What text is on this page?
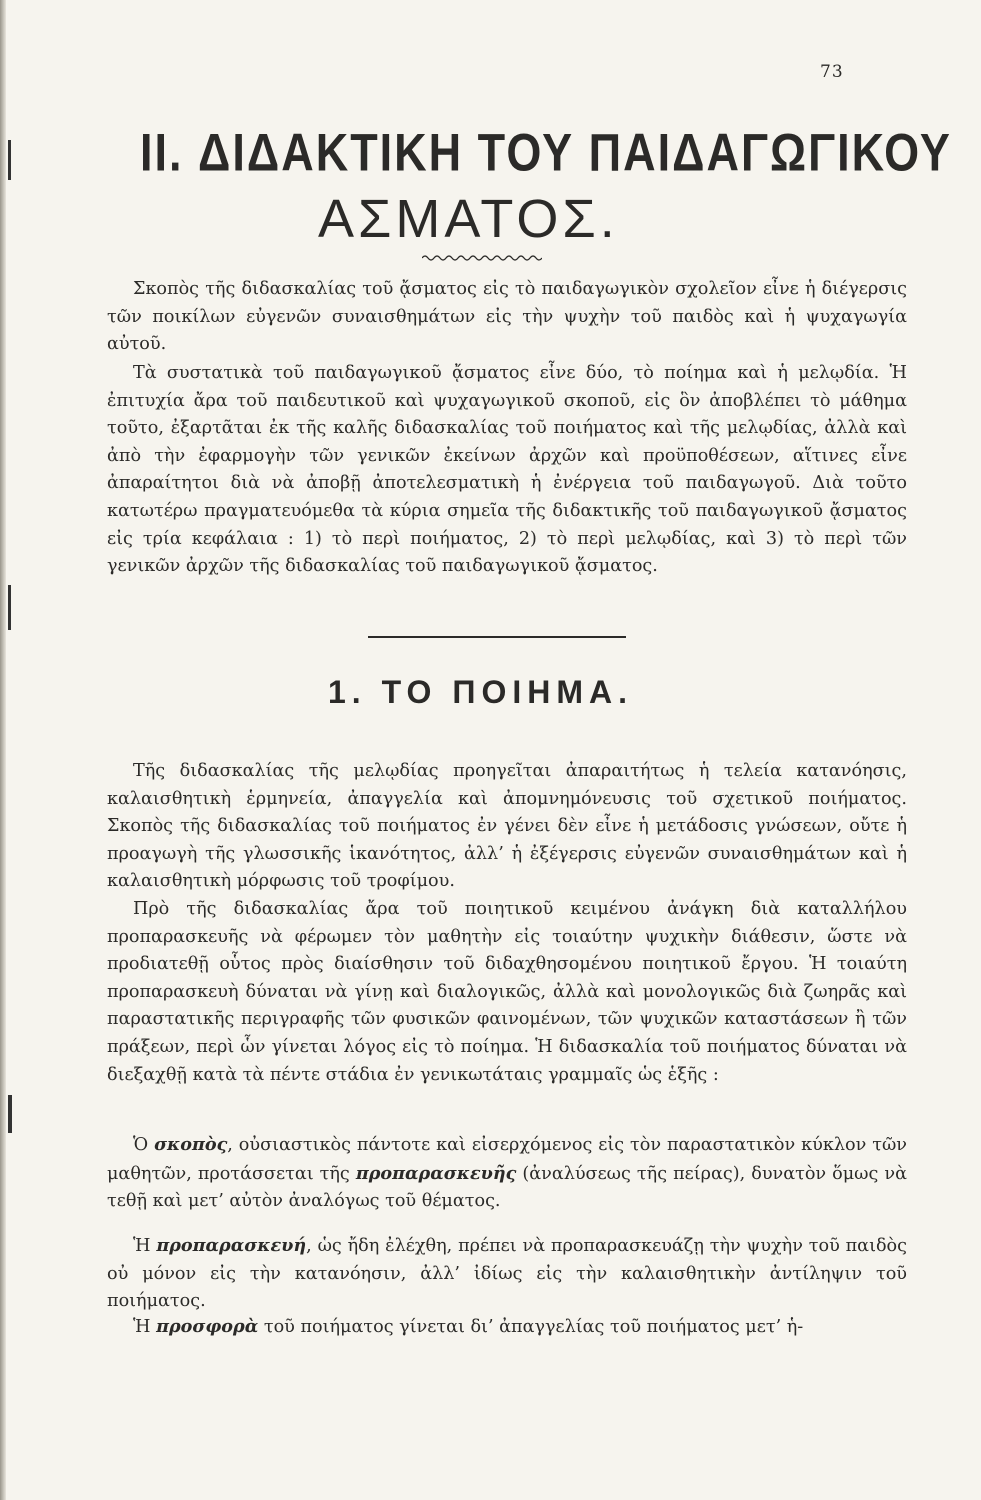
73
II. ΔΙΔΑΚΤΙΚΗ ΤΟΥ ΠΑΙΔΑΓΩΓΙΚΟΥ
ΑΣΜΑΤΟΣ.

Σκοπὸς τῆς διδασκαλίας τοῦ ᾄσματος εἰς τὸ παιδαγωγικὸν σχολεῖον εἶνε ἡ διέγερσις τῶν ποικίλων εὐγενῶν συναισθημάτων εἰς τὴν ψυχὴν τοῦ παιδὸς καὶ ἡ ψυχαγωγία αὐτοῦ.

Τὰ συστατικὰ τοῦ παιδαγωγικοῦ ᾄσματος εἶνε δύο, τὸ ποίημα καὶ ἡ μελῳδία. Ἡ ἐπιτυχία ἄρα τοῦ παιδευτικοῦ καὶ ψυχαγωγικοῦ σκοποῦ, εἰς ὃν ἀποβλέπει τὸ μάθημα τοῦτο, ἐξαρτᾶται ἐκ τῆς καλῆς διδασκαλίας τοῦ ποιήματος καὶ τῆς μελῳδίας, ἀλλὰ καὶ ἀπὸ τὴν ἐφαρμογὴν τῶν γενικῶν ἐκείνων ἀρχῶν καὶ προϋποθέσεων, αἵτινες εἶνε ἀπαραίτητοι διὰ νὰ ἀποβῇ ἀποτελεσματικὴ ἡ ἐνέργεια τοῦ παιδαγωγοῦ. Διὰ τοῦτο κατωτέρω πραγματευόμεθα τὰ κύρια σημεῖα τῆς διδακτικῆς τοῦ παιδαγωγικοῦ ᾄσματος εἰς τρία κεφάλαια : 1) τὸ περὶ ποιήματος, 2) τὸ περὶ μελῳδίας, καὶ 3) τὸ περὶ τῶν γενικῶν ἀρχῶν τῆς διδασκαλίας τοῦ παιδαγωγικοῦ ᾄσματος.

1. ΤΟ ΠΟΙΗΜΑ.

Τῆς διδασκαλίας τῆς μελῳδίας προηγεῖται ἀπαραιτήτως ἡ τελεία κατανόησις, καλαισθητικὴ ἑρμηνεία, ἀπαγγελία καὶ ἀπομνημόνευσις τοῦ σχετικοῦ ποιήματος. Σκοπὸς τῆς διδασκαλίας τοῦ ποιήματος ἐν γένει δὲν εἶνε ἡ μετάδοσις γνώσεων, οὔτε ἡ προαγωγὴ τῆς γλωσσικῆς ἱκανότητος, ἀλλ’ ἡ ἐξέγερσις εὐγενῶν συναισθημάτων καὶ ἡ καλαισθητικὴ μόρφωσις τοῦ τροφίμου.

Πρὸ τῆς διδασκαλίας ἄρα τοῦ ποιητικοῦ κειμένου ἀνάγκη διὰ καταλλήλου προπαρασκευῆς νὰ φέρωμεν τὸν μαθητὴν εἰς τοιαύτην ψυχικὴν διάθεσιν, ὥστε νὰ προδιατεθῇ οὗτος πρὸς διαίσθησιν τοῦ διδαχθησομένου ποιητικοῦ ἔργου. Ἡ τοιαύτη προπαρασκευὴ δύναται νὰ γίνῃ καὶ διαλογικῶς, ἀλλὰ καὶ μονολογικῶς διὰ ζωηρᾶς καὶ παραστατικῆς περιγραφῆς τῶν φυσικῶν φαινομένων, τῶν ψυχικῶν καταστάσεων ἢ τῶν πράξεων, περὶ ὧν γίνεται λόγος εἰς τὸ ποίημα. Ἡ διδασκαλία τοῦ ποιήματος δύναται νὰ διεξαχθῇ κατὰ τὰ πέντε στάδια ἐν γενικωτάταις γραμμαῖς ὡς ἑξῆς :

Ὁ σκοπὸς, οὐσιαστικὸς πάντοτε καὶ εἰσερχόμενος εἰς τὸν παραστατικὸν κύκλον τῶν μαθητῶν, προτάσσεται τῆς προπαρασκευῆς (ἀναλύσεως τῆς πείρας), δυνατὸν ὅμως νὰ τεθῇ καὶ μετ’ αὐτὸν ἀναλόγως τοῦ θέματος.

Ἡ προπαρασκευή, ὡς ἤδη ἐλέχθη, πρέπει νὰ προπαρασκευάζῃ τὴν ψυχὴν τοῦ παιδὸς οὐ μόνον εἰς τὴν κατανόησιν, ἀλλ’ ἰδίως εἰς τὴν καλαισθητικὴν ἀντίληψιν τοῦ ποιήματος.

Ἡ προσφορὰ τοῦ ποιήματος γίνεται δι’ ἀπαγγελίας τοῦ ποιήματος μετ’ ἡ-
